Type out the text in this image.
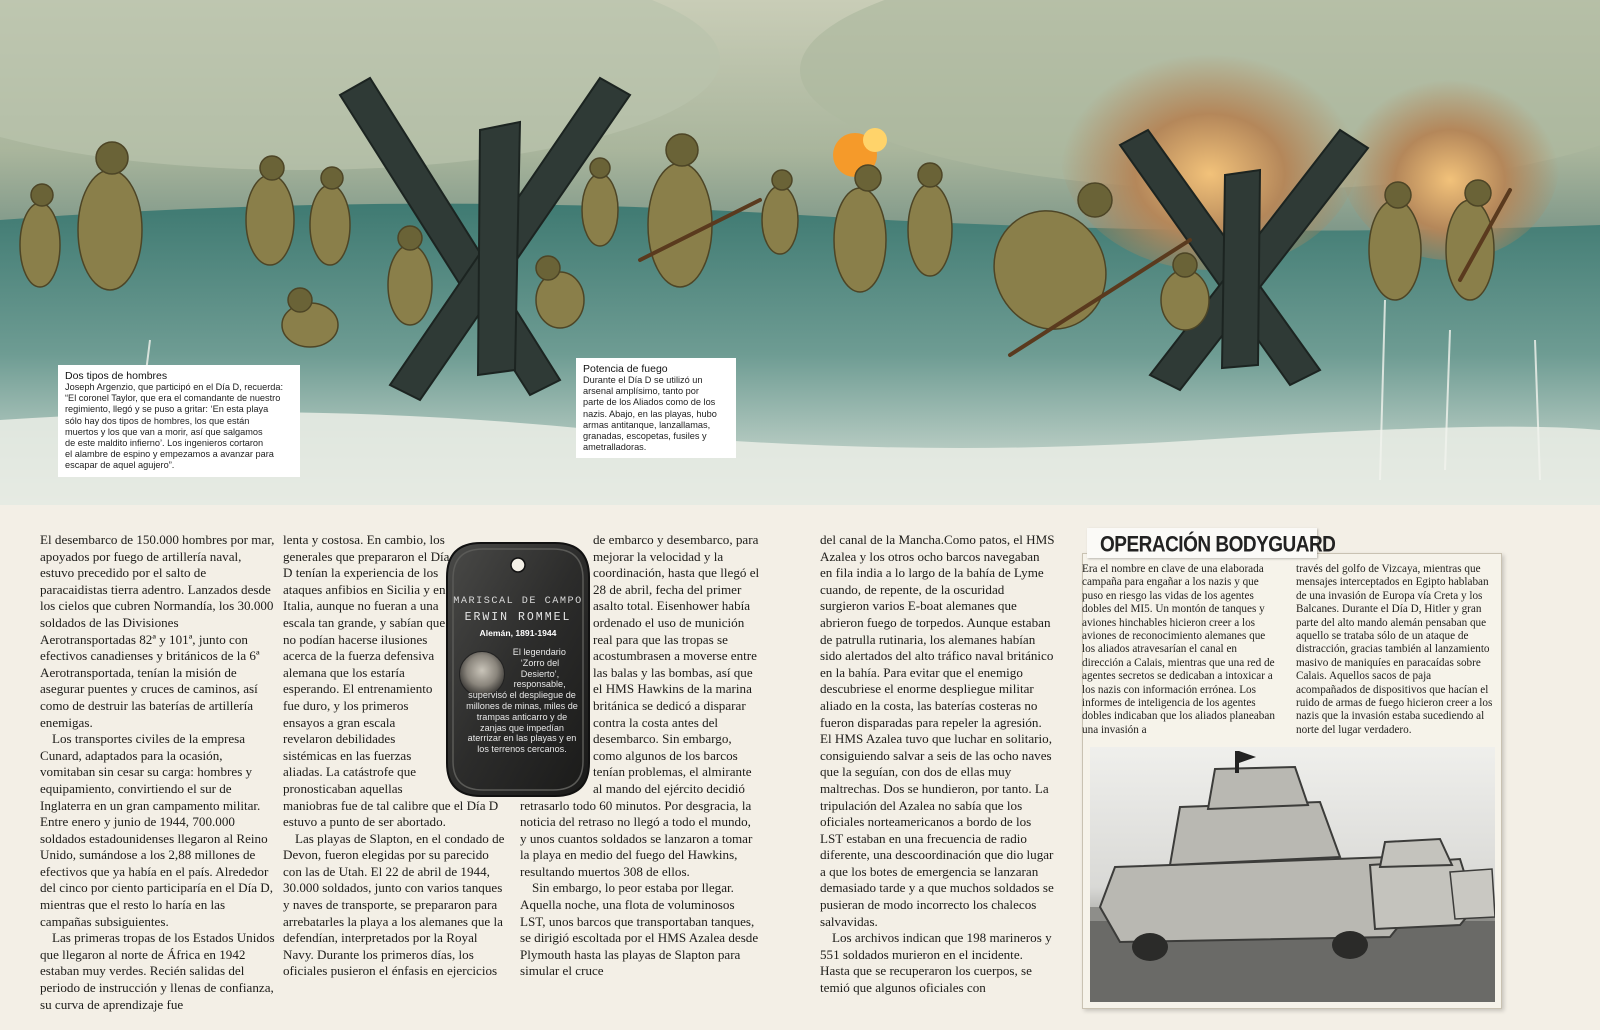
Dos tipos de hombres
Joseph Argenzio, que participó en el Día D, recuerda:
“El coronel Taylor, que era el comandante de nuestro
regimiento, llegó y se puso a gritar: ‘En esta playa
sólo hay dos tipos de hombres, los que están
muertos y los que van a morir, así que salgamos
de este maldito infierno’. Los ingenieros cortaron
el alambre de espino y empezamos a avanzar para
escapar de aquel agujero”.
Potencia de fuego
Durante el Día D se utilizó un
arsenal amplísimo, tanto por
parte de los Aliados como de los
nazis. Abajo, en las playas, hubo
armas antitanque, lanzallamas,
granadas, escopetas, fusiles y
ametralladoras.

El desembarco de 150.000 hombres por mar, apoyados por fuego de artillería naval, estuvo precedido por el salto de paracaidistas tierra adentro. Lanzados desde los cielos que cubren Normandía, los 30.000 soldados de las Divisiones Aerotransportadas 82ª y 101ª, junto con efectivos canadienses y británicos de la 6ª Aerotransportada, tenían la misión de asegurar puentes y cruces de caminos, así como de destruir las baterías de artillería enemigas.

Los transportes civiles de la empresa Cunard, adaptados para la ocasión, vomitaban sin cesar su carga: hombres y equipamiento, convirtiendo el sur de Inglaterra en un gran campamento militar. Entre enero y junio de 1944, 700.000 soldados estadounidenses llegaron al Reino Unido, sumándose a los 2,88 millones de efectivos que ya había en el país. Alrededor del cinco por ciento participaría en el Día D, mientras que el resto lo haría en las campañas subsiguientes.

Las primeras tropas de los Estados Unidos que llegaron al norte de África en 1942 estaban muy verdes. Recién salidas del periodo de instrucción y llenas de confianza, su curva de aprendizaje fue

lenta y costosa. En cambio, los generales que prepararon el Día D tenían la experiencia de los ataques anfibios en Sicilia y en Italia, aunque no fueran a una escala tan grande, y sabían que no podían hacerse ilusiones acerca de la fuerza defensiva alemana que los estaría esperando. El entrenamiento fue duro, y los primeros ensayos a gran escala revelaron debilidades sistémicas en las fuerzas aliadas. La catástrofe que pronosticaban aquellas maniobras fue de tal calibre que el Día D estuvo a punto de ser abortado.

Las playas de Slapton, en el condado de Devon, fueron elegidas por su parecido con las de Utah. El 22 de abril de 1944, 30.000 soldados, junto con varios tanques y naves de transporte, se prepararon para arrebatarles la playa a los alemanes que la defendían, interpretados por la Royal Navy. Durante los primeros días, los oficiales pusieron el énfasis en ejercicios

de embarco y desembarco, para mejorar la velocidad y la coordinación, hasta que llegó el 28 de abril, fecha del primer asalto total. Eisenhower había ordenado el uso de munición real para que las tropas se acostumbrasen a moverse entre las balas y las bombas, así que el HMS Hawkins de la marina británica se dedicó a disparar contra la costa antes del desembarco. Sin embargo, como algunos de los barcos tenían problemas, el almirante al mando del ejército decidió retrasarlo todo 60 minutos. Por desgracia, la noticia del retraso no llegó a todo el mundo, y unos cuantos soldados se lanzaron a tomar la playa en medio del fuego del Hawkins, resultando muertos 308 de ellos.

Sin embargo, lo peor estaba por llegar. Aquella noche, una flota de voluminosos LST, unos barcos que transportaban tanques, se dirigió escoltada por el HMS Azalea desde Plymouth hasta las playas de Slapton para simular el cruce

del canal de la Mancha.Como patos, el HMS Azalea y los otros ocho barcos navegaban en fila india a lo largo de la bahía de Lyme cuando, de repente, de la oscuridad surgieron varios E-boat alemanes que abrieron fuego de torpedos. Aunque estaban de patrulla rutinaria, los alemanes habían sido alertados del alto tráfico naval británico en la bahía. Para evitar que el enemigo descubriese el enorme despliegue militar aliado en la costa, las baterías costeras no fueron disparadas para repeler la agresión. El HMS Azalea tuvo que luchar en solitario, consiguiendo salvar a seis de las ocho naves que la seguían, con dos de ellas muy maltrechas. Dos se hundieron, por tanto. La tripulación del Azalea no sabía que los oficiales norteamericanos a bordo de los LST estaban en una frecuencia de radio diferente, una descoordinación que dio lugar a que los botes de emergencia se lanzaran demasiado tarde y a que muchos soldados se pusieran de modo incorrecto los chalecos salvavidas.

Los archivos indican que 198 marineros y 551 soldados murieron en el incidente. Hasta que se recuperaron los cuerpos, se temió que algunos oficiales con

MARISCAL DE CAMPO
ERWIN ROMMEL
Alemán, 1891-1944
El legendario ‘Zorro del Desierto’, responsable, supervisó el despliegue de millones de minas, miles de trampas anticarro y de zanjas que impedían aterrizar en las playas y en los terrenos cercanos.
OPERACIÓN BODYGUARD
Era el nombre en clave de una elaborada campaña para engañar a los nazis y que puso en riesgo las vidas de los agentes dobles del MI5. Un montón de tanques y aviones hinchables hicieron creer a los aviones de reconocimiento alemanes que los aliados atravesarían el canal en dirección a Calais, mientras que una red de agentes secretos se dedicaban a intoxicar a los nazis con información errónea. Los informes de inteligencia de los agentes dobles indicaban que los aliados planeaban una invasión a
través del golfo de Vizcaya, mientras que mensajes interceptados en Egipto hablaban de una invasión de Europa vía Creta y los Balcanes. Durante el Día D, Hitler y gran parte del alto mando alemán pensaban que aquello se trataba sólo de un ataque de distracción, gracias también al lanzamiento masivo de maniquíes en paracaídas sobre Calais. Aquellos sacos de paja acompañados de dispositivos que hacían el ruido de armas de fuego hicieron creer a los nazis que la invasión estaba sucediendo al norte del lugar verdadero.
